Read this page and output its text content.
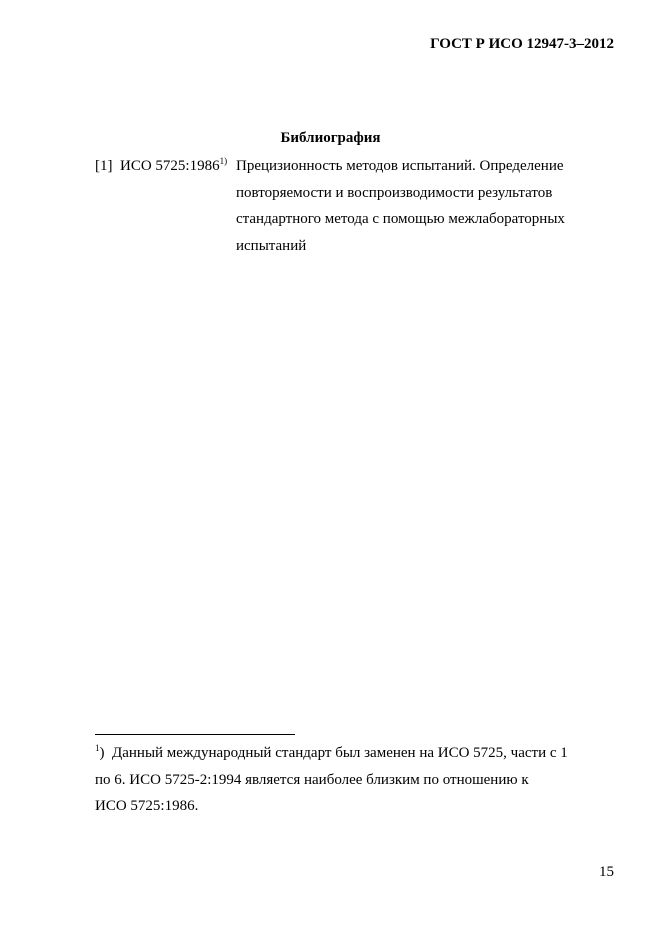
ГОСТ Р ИСО 12947-3–2012
Библиография
[1] ИСО 5725:1986$^{1)}$ Прецизионность методов испытаний. Определение
повторяемости и воспроизводимости результатов
стандартного метода с помощью межлабораторных
испытаний
$^1$) Данный международный стандарт был заменен на ИСО 5725, части с 1
по 6. ИСО 5725-2:1994 является наиболее близким по отношению к
ИСО 5725:1986.
15
